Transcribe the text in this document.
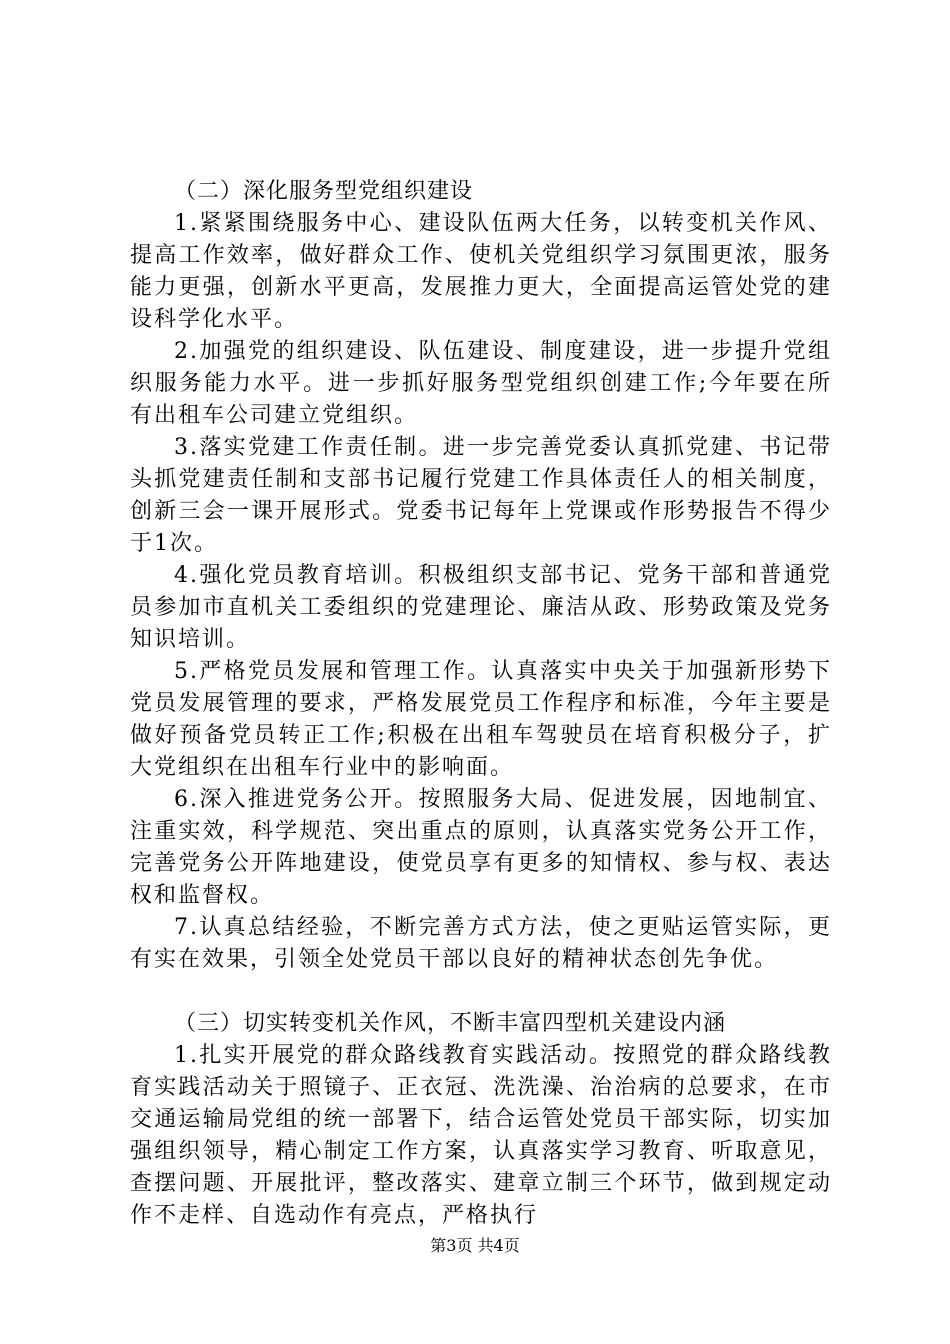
（二）深化服务型党组织建设

1.紧紧围绕服务中心、建设队伍两大任务，以转变机关作风、提高工作效率，做好群众工作、使机关党组织学习氛围更浓，服务能力更强，创新水平更高，发展推力更大，全面提高运管处党的建设科学化水平。

2.加强党的组织建设、队伍建设、制度建设，进一步提升党组织服务能力水平。进一步抓好服务型党组织创建工作;今年要在所有出租车公司建立党组织。

3.落实党建工作责任制。进一步完善党委认真抓党建、书记带头抓党建责任制和支部书记履行党建工作具体责任人的相关制度，创新三会一课开展形式。党委书记每年上党课或作形势报告不得少于1次。

4.强化党员教育培训。积极组织支部书记、党务干部和普通党员参加市直机关工委组织的党建理论、廉洁从政、形势政策及党务知识培训。

5.严格党员发展和管理工作。认真落实中央关于加强新形势下党员发展管理的要求，严格发展党员工作程序和标准，今年主要是做好预备党员转正工作;积极在出租车驾驶员在培育积极分子，扩大党组织在出租车行业中的影响面。

6.深入推进党务公开。按照服务大局、促进发展，因地制宜、注重实效，科学规范、突出重点的原则，认真落实党务公开工作，完善党务公开阵地建设，使党员享有更多的知情权、参与权、表达权和监督权。

7.认真总结经验，不断完善方式方法，使之更贴运管实际，更有实在效果，引领全处党员干部以良好的精神状态创先争优。

（三）切实转变机关作风，不断丰富四型机关建设内涵

1.扎实开展党的群众路线教育实践活动。按照党的群众路线教育实践活动关于照镜子、正衣冠、洗洗澡、治治病的总要求，在市交通运输局党组的统一部署下，结合运管处党员干部实际，切实加强组织领导，精心制定工作方案，认真落实学习教育、听取意见，查摆问题、开展批评，整改落实、建章立制三个环节，做到规定动作不走样、自选动作有亮点，严格执行

第3页 共4页
